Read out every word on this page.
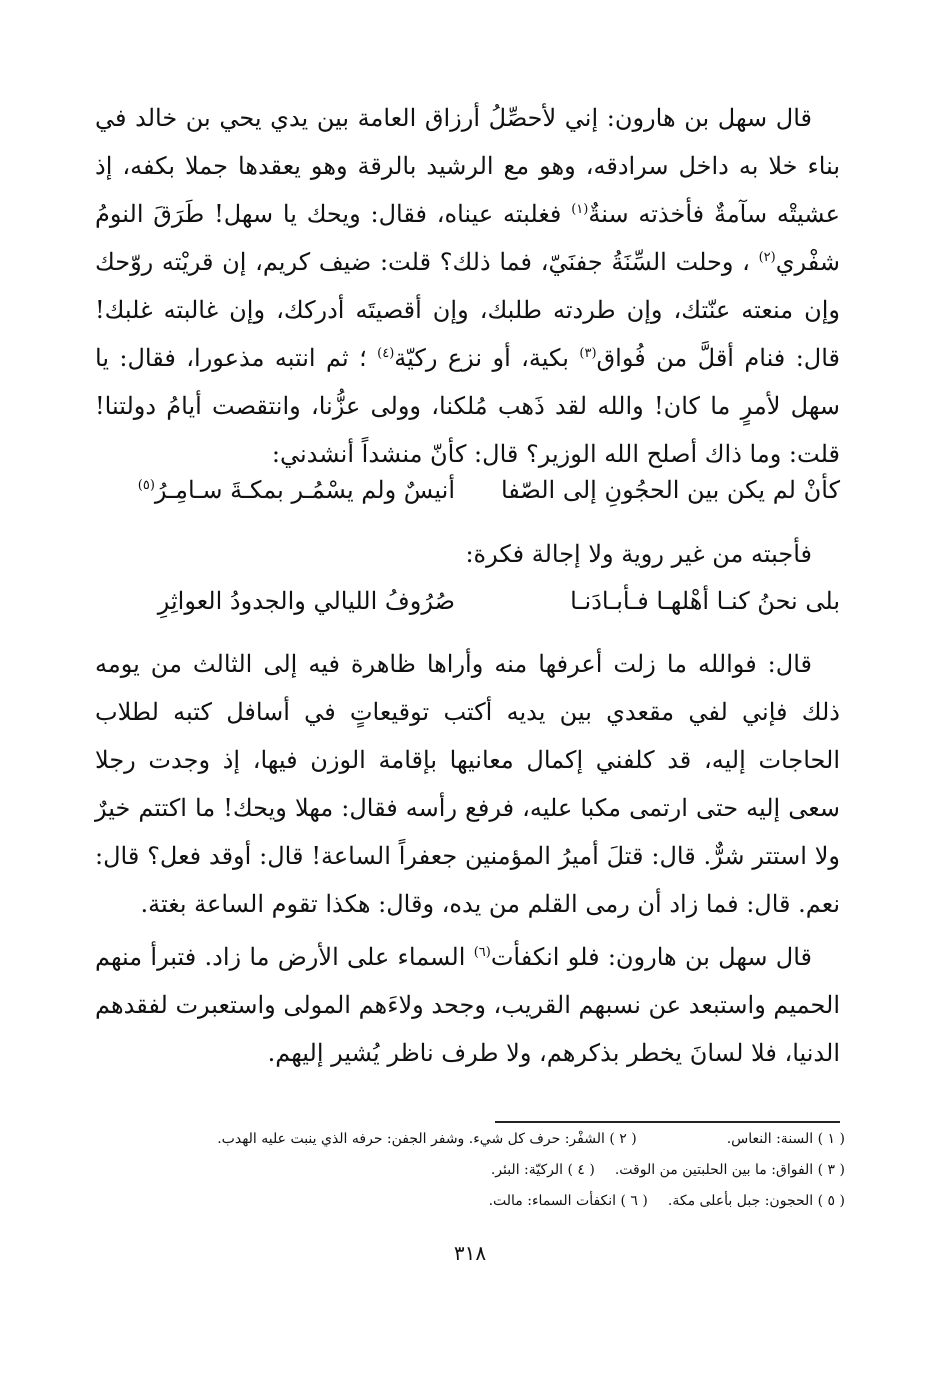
قال سهل بن هارون: إني لأحصِّلُ أرزاق العامة بين يدي يحي بن خالد في بناء خلا به داخل سرادقه، وهو مع الرشيد بالرقة وهو يعقدها جملا بكفه، إذ عشيتْه سآمةٌ فأخذته سنةٌ$^{(١)}$ فغلبته عيناه، فقال: ويحك يا سهل! طَرَقَ النومُ شفْري$^{(٢)}$ ، وحلت السِّنَةُ جفنَيّ، فما ذلك؟ قلت: ضيف كريم، إن قريْته روّحك وإن منعته عنّتك، وإن طردته طلبك، وإن أقصيتَه أدركك، وإن غالبته غلبك! قال: فنام أقلَّ من فُواق$^{(٣)}$ بكية، أو نزع ركيّة$^{(٤)}$ ؛ ثم انتبه مذعورا، فقال: يا سهل لأمرٍ ما كان! والله لقد ذَهب مُلكنا، وولى عزُّنا، وانتقصت أيامُ دولتنا! قلت: وما ذاك أصلح الله الوزير؟ قال: كأنّ منشداً أنشدني:

كأنْ لم يكن بين الحجُونِ إلى الصّفا
أنيسٌ ولم يسْمُـر بمكـةَ سـامِـرُ$^{(٥)}$

فأجبته من غير روية ولا إجالة فكرة:

بلى نحنُ كنـا أهْلهـا فـأبـادَنـا
صُرُوفُ الليالي والجدودُ العواثِرِ

قال: فوالله ما زلت أعرفها منه وأراها ظاهرة فيه إلى الثالث من يومه ذلك فإني لفي مقعدي بين يديه أكتب توقيعاتٍ في أسافل كتبه لطلاب الحاجات إليه، قد كلفني إكمال معانيها بإقامة الوزن فيها، إذ وجدت رجلا سعى إليه حتى ارتمى مكبا عليه، فرفع رأسه فقال: مهلا ويحك! ما اكتتم خيرٌ ولا استتر شرٌّ. قال: قتلَ أميرُ المؤمنين جعفراً الساعة! قال: أوقد فعل؟ قال: نعم. قال: فما زاد أن رمى القلم من يده، وقال: هكذا تقوم الساعة بغتة.

قال سهل بن هارون: فلو انكفأت$^{(٦)}$ السماء على الأرض ما زاد. فتبرأ منهم الحميم واستبعد عن نسبهم القريب، وجحد ولاءَهم المولى واستعبرت لفقدهم الدنيا، فلا لسانَ يخطر بذكرهم، ولا طرف ناظر يُشير إليهم.

( ١ ) السنة: النعاس.( ٢ ) الشفْر: حرف كل شيء. وشفر الجفن: حرفه الذي ينبت عليه الهدب.
( ٣ ) الفواق: ما بين الحلبتين من الوقت.( ٤ ) الركيّة: البئر.
( ٥ ) الحجون: جبل بأعلى مكة.( ٦ ) انكفأت السماء: مالت.
٣١٨
